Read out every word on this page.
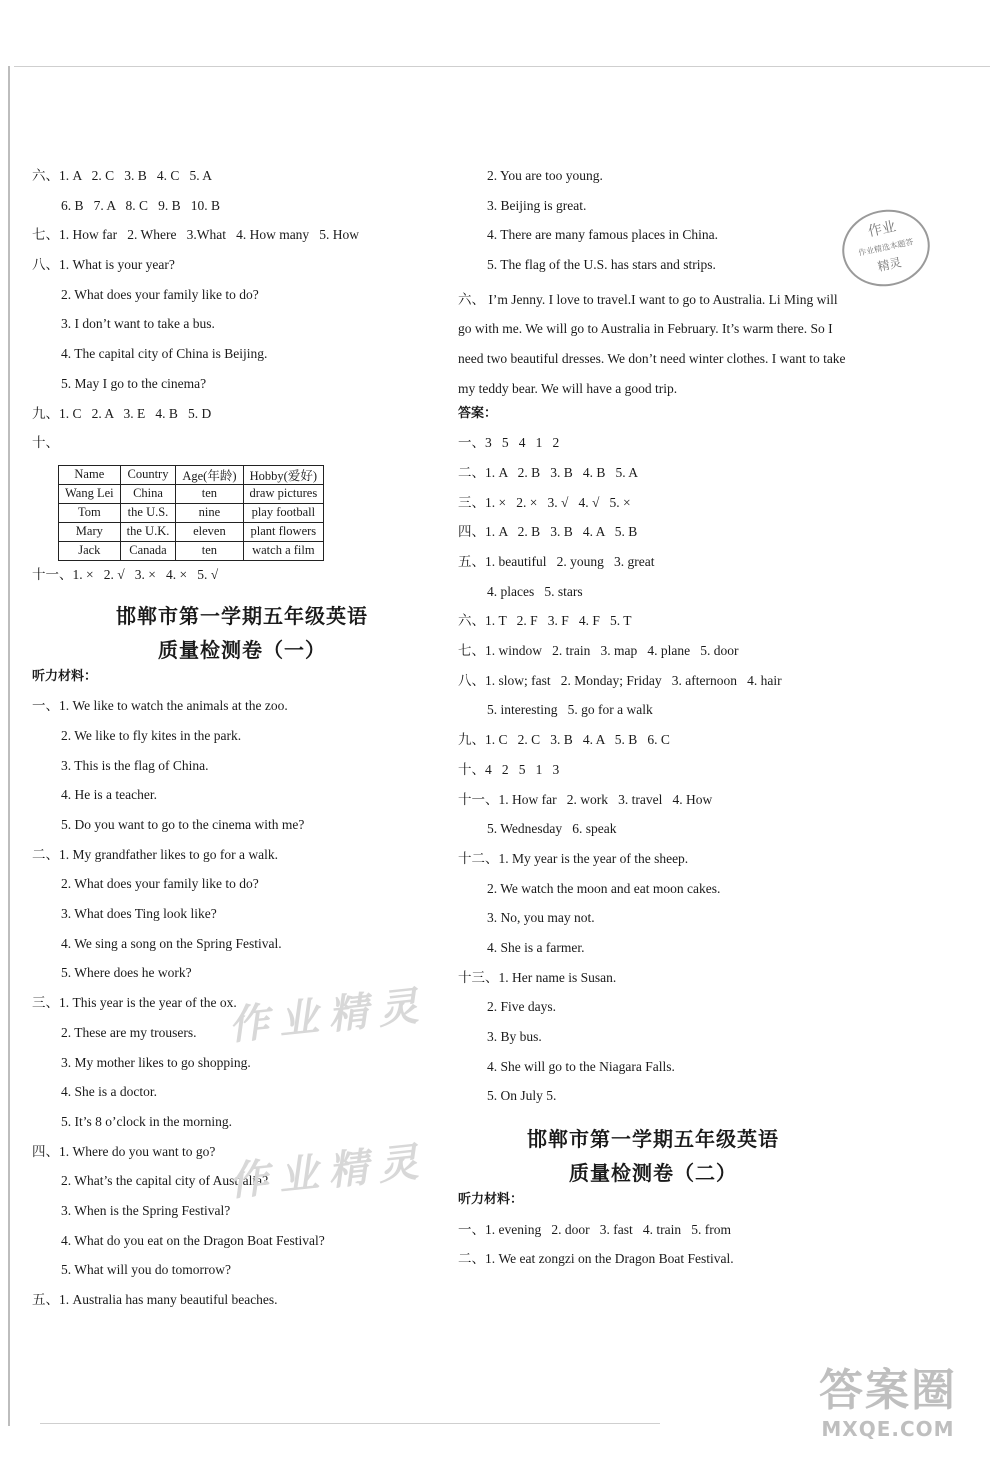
六、1. A   2. C   3. B   4. C   5. A
6. B   7. A   8. C   9. B   10. B
七、1. How far   2. Where   3.What   4. How many   5. How
八、1. What is your year?
2. What does your family like to do?
3. I don’t want to take a bus.
4. The capital city of China is Beijing.
5. May I go to the cinema?
九、1. C   2. A   3. E   4. B   5. D
十、
Name	Country	Age(年龄)	Hobby(爱好)
Wang Lei	China	ten	draw pictures
Tom	the U.S.	nine	play football
Mary	the U.K.	eleven	plant flowers
Jack	Canada	ten	watch a film
十一、1. ×   2. √   3. ×   4. ×   5. √
邯郸市第一学期五年级英语
质量检测卷（一）
听力材料：
一、1. We like to watch the animals at the zoo.
2. We like to fly kites in the park.
3. This is the flag of China.
4. He is a teacher.
5. Do you want to go to the cinema with me?
二、1. My grandfather likes to go for a walk.
2. What does your family like to do?
3. What does Ting look like?
4. We sing a song on the Spring Festival.
5. Where does he work?
三、1. This year is the year of the ox.
2. These are my trousers.
3. My mother likes to go shopping.
4. She is a doctor.
5. It’s 8 o’clock in the morning.
四、1. Where do you want to go?
2. What’s the capital city of Australia?
3. When is the Spring Festival?
4. What do you eat on the Dragon Boat Festival?
5. What will you do tomorrow?
五、1. Australia has many beautiful beaches.
2. You are too young.
3. Beijing is great.
4. There are many famous places in China.
5. The flag of the U.S. has stars and strips.
六、 I’m Jenny. I love to travel.I want to go to Australia. Li Ming will go with me. We will go to Australia in February. It’s warm there. So I need two beautiful dresses. We don’t need winter clothes. I want to take my teddy bear. We will have a good trip.
答案：
一、3   5   4   1   2
二、1. A   2. B   3. B   4. B   5. A
三、1. ×   2. ×   3. √   4. √   5. ×
四、1. A   2. B   3. B   4. A   5. B
五、1. beautiful   2. young   3. great
4. places   5. stars
六、1. T   2. F   3. F   4. F   5. T
七、1. window   2. train   3. map   4. plane   5. door
八、1. slow; fast   2. Monday; Friday   3. afternoon   4. hair
5. interesting   5. go for a walk
九、1. C   2. C   3. B   4. A   5. B   6. C
十、4   2   5   1   3
十一、1. How far   2. work   3. travel   4. How
5. Wednesday   6. speak
十二、1. My year is the year of the sheep.
2. We watch the moon and eat moon cakes.
3. No, you may not.
4. She is a farmer.
十三、1. Her name is Susan.
2. Five days.
3. By bus.
4. She will go to the Niagara Falls.
5. On July 5.
邯郸市第一学期五年级英语
质量检测卷（二）
听力材料：
一、1. evening   2. door   3. fast   4. train   5. from
二、1. We eat zongzi on the Dragon Boat Festival.
作业
作业精选本题答
精灵
作业精灵
作业精灵
答案圈
MXQE.COM
